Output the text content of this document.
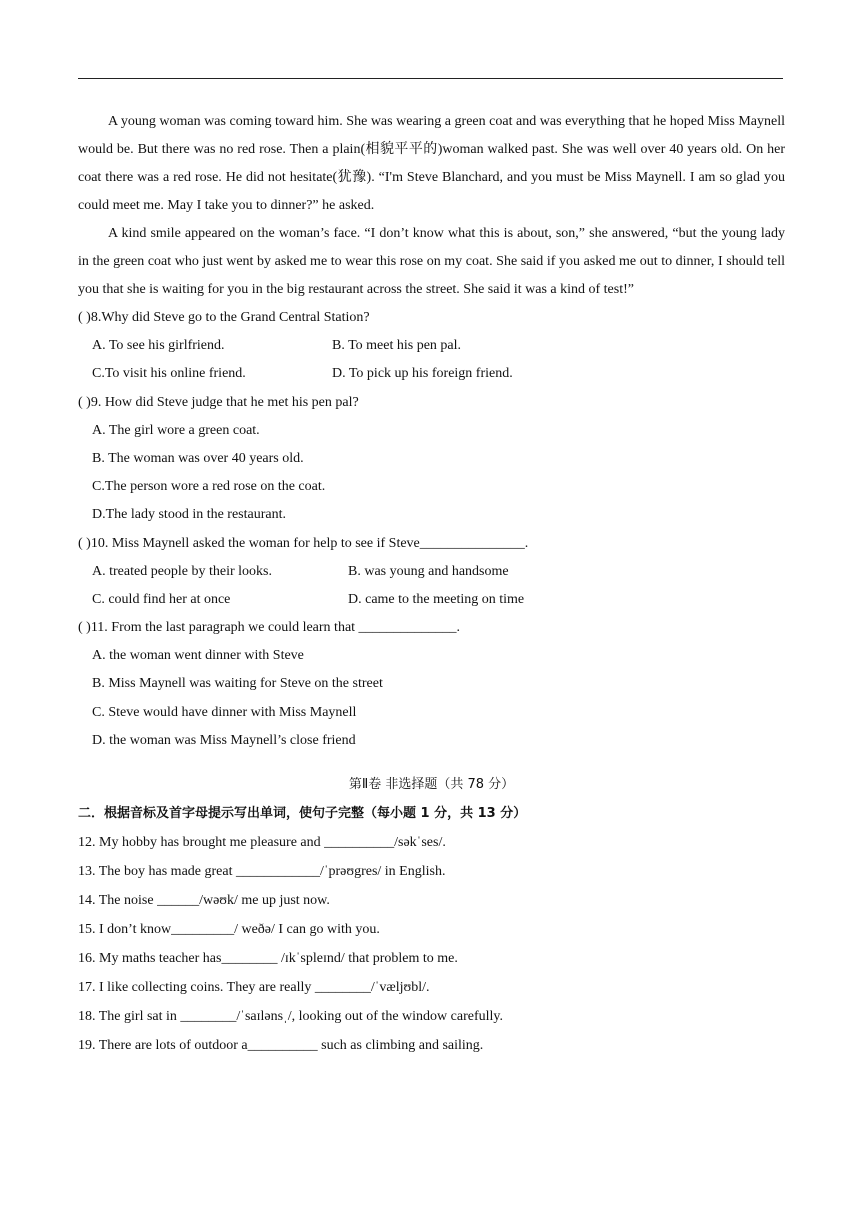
A young woman was coming toward him. She was wearing a green coat and was everything that he hoped Miss Maynell would be. But there was no red rose. Then a plain(相貌平平的)woman walked past. She was well over 40 years old. On her coat there was a red rose. He did not hesitate(犹豫). “I'm Steve Blanchard, and you must be Miss Maynell. I am so glad you could meet me. May I take you to dinner?” he asked.

A kind smile appeared on the woman’s face. “I don’t know what this is about, son,” she answered, “but the young lady in the green coat who just went by asked me to wear this rose on my coat. She said if you asked me out to dinner, I should tell you that she is waiting for you in the big restaurant across the street. She said it was a kind of test!”

( )8.Why did Steve go to the Grand Central Station?
A. To see his girlfriend.	B. To meet his pen pal.
C.To visit his online friend.	D. To pick up his foreign friend.
( )9. How did Steve judge that he met his pen pal?
A. The girl wore a green coat.
B. The woman was over 40 years old.
C.The person wore a red rose on the coat.
D.The lady stood in the restaurant.
( )10. Miss Maynell asked the woman for help to see if Steve_______________.
A. treated people by their looks.	B. was young and handsome
C. could find her at once	D. came to the meeting on time
( )11. From the last paragraph we could learn that ______________.
A. the woman went dinner with Steve
B. Miss Maynell was waiting for Steve on the street
C. Steve would have dinner with Miss Maynell
D. the woman was Miss Maynell’s close friend
第Ⅱ卷 非选择题（共 78 分）
二．根据音标及首字母提示写出单词，使句子完整（每小题 1 分，共 13 分）
12. My hobby has brought me pleasure and __________/səkˈses/.
13. The boy has made great ____________/ˈprəʊgres/ in English.
14. The noise ______/wəʊk/ me up just now.
15. I don’t know_________/ weðə/ I can go with you.
16. My maths teacher has________ /ɪkˈspleɪnd/ that problem to me.
17. I like collecting coins. They are really ________/ˈvæljʊbl/.
18. The girl sat in ________/ˈsaɪlənsˌ/, looking out of the window carefully.
19. There are lots of outdoor a__________ such as climbing and sailing.
